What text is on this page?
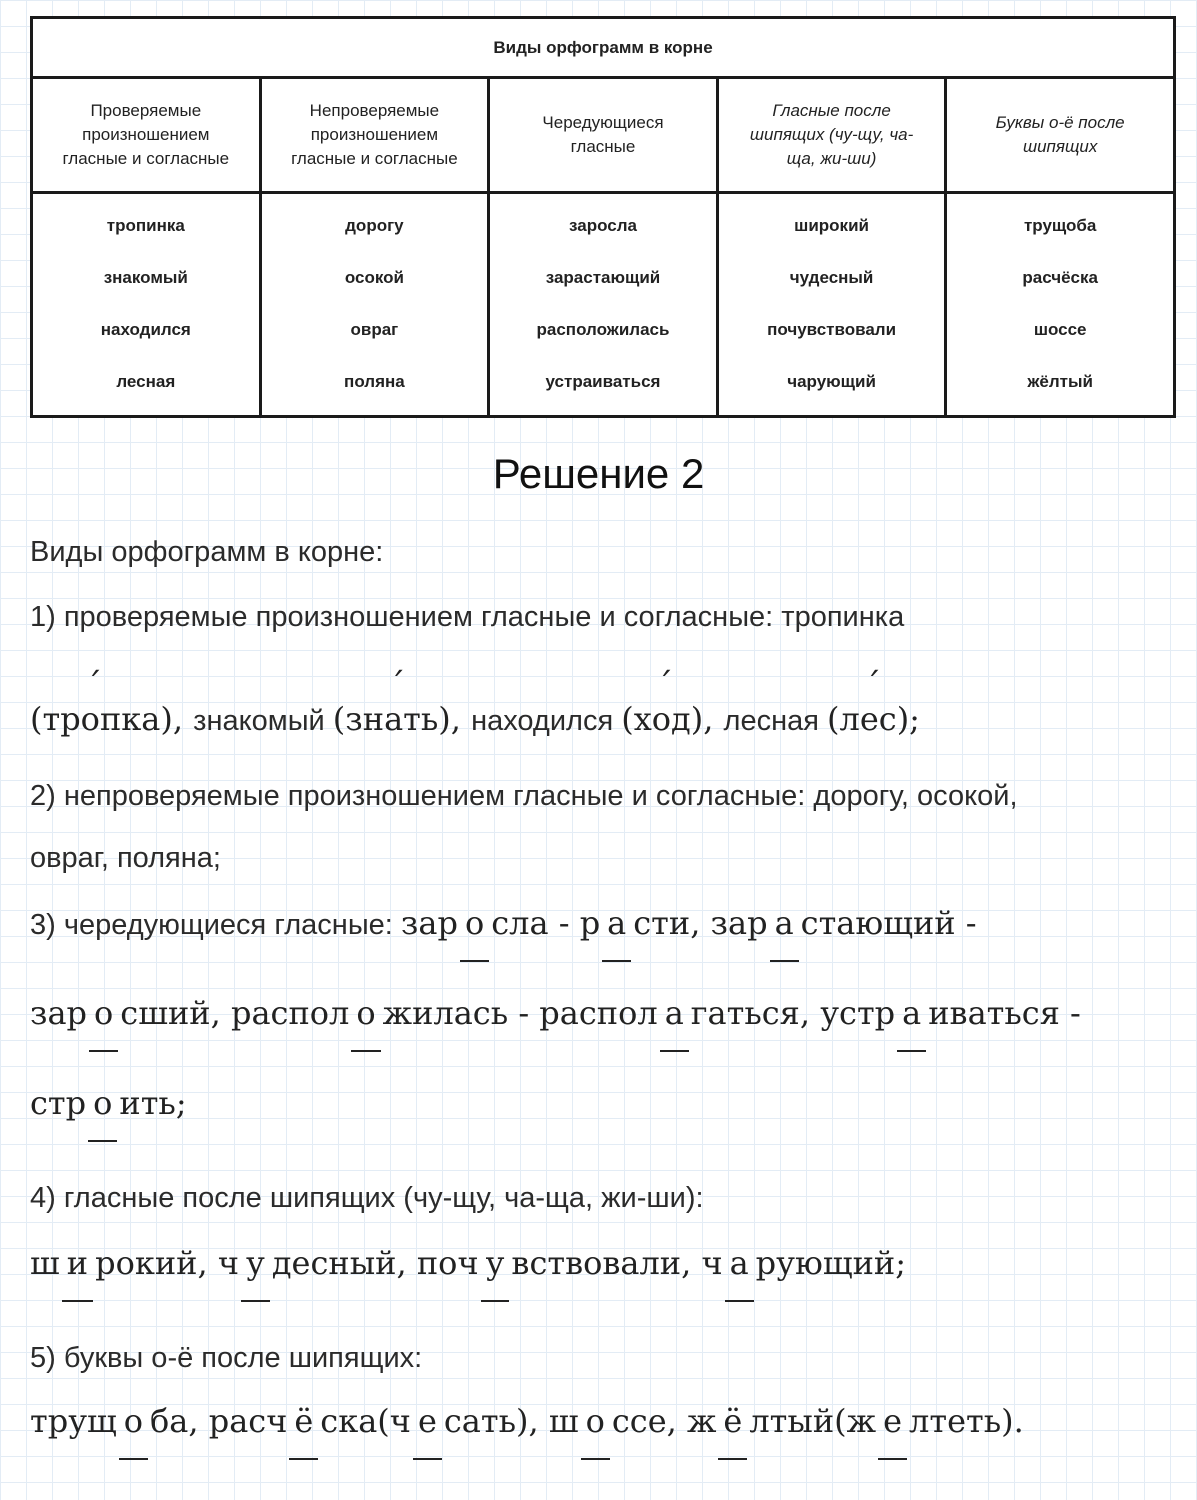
Виды орфограмм в корне
Проверяемые
произношением
гласные и согласные
Непроверяемые
произношением
гласные и согласные
Чередующиеся
гласные
Гласные после
шипящих (чу-щу, ча-
ща, жи-ши)
Буквы о-ё после
шипящих
тропинка
знакомый
находился
лесная
дорогу
осокой
овраг
поляна
заросла
зарастающий
расположилась
устраиваться
широкий
чудесный
почувствовали
чарующий
трущоба
расчёска
шоссе
жёлтый
Решение 2
Виды орфограмм в корне:
1) проверяемые произношением гласные и согласные: тропинка
(тр´ опка), знакомый (зн´ ать), находился (х´ од), лесная (л´ ес);
2) непроверяемые произношением гласные и согласные: дорогу, осокой,
овраг, поляна;
3) чередующиеся гласные: зар о сла - р а сти, зар а стающий -
зар о сший, распол о жилась - распол а гаться, устр а иваться -
стр о ить;
4) гласные после шипящих (чу-щу, ча-ща, жи-ши):
ш и рокий, ч у десный, поч у вствовали, ч а рующий;
5) буквы о-ё после шипящих:
трущ о ба, расч ё ска(ч е сать), ш о ссе, ж ё лтый(ж е лтеть).
